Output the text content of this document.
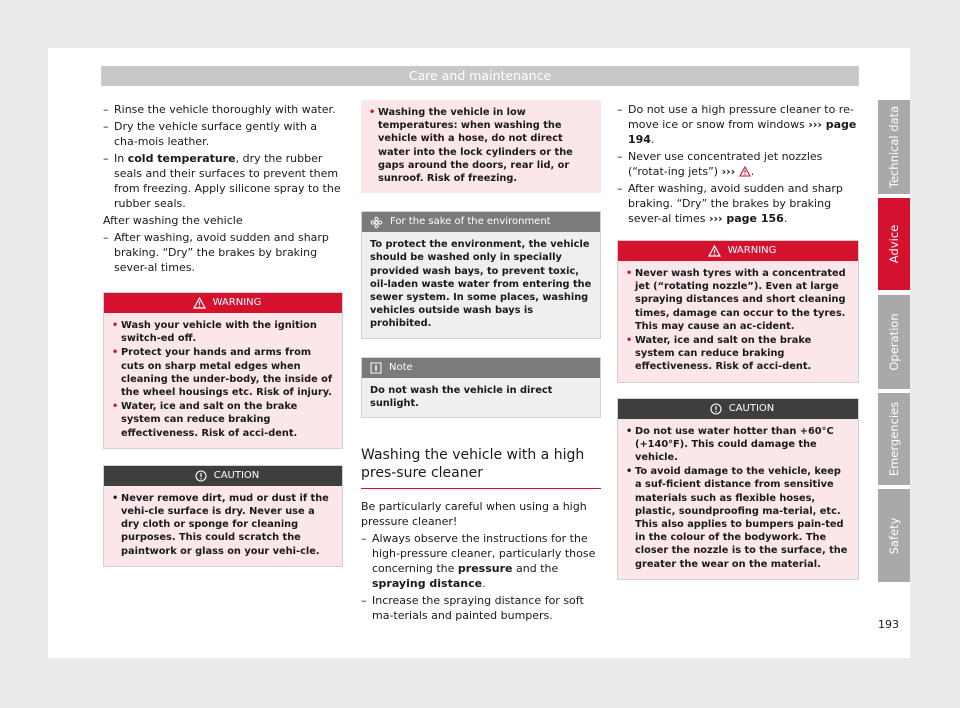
Care and maintenance
– Rinse the vehicle thoroughly with water.
– Dry the vehicle surface gently with a cha-mois leather.
– In cold temperature, dry the rubber seals and their surfaces to prevent them from freezing. Apply silicone spray to the rubber seals.
After washing the vehicle
– After washing, avoid sudden and sharp braking. “Dry” the brakes by braking sever-al times.
WARNING
• Wash your vehicle with the ignition switch-ed off.
• Protect your hands and arms from cuts on sharp metal edges when cleaning the under-body, the inside of the wheel housings etc. Risk of injury.
• Water, ice and salt on the brake system can reduce braking effectiveness. Risk of acci-dent.
CAUTION
• Never remove dirt, mud or dust if the vehi-cle surface is dry. Never use a dry cloth or sponge for cleaning purposes. This could scratch the paintwork or glass on your vehi-cle.
• Washing the vehicle in low temperatures: when washing the vehicle with a hose, do not direct water into the lock cylinders or the gaps around the doors, rear lid, or sunroof. Risk of freezing.
For the sake of the environment
To protect the environment, the vehicle should be washed only in specially provided wash bays, to prevent toxic, oil-laden waste water from entering the sewer system. In some places, washing vehicles outside wash bays is prohibited.
Note
Do not wash the vehicle in direct sunlight.
Washing the vehicle with a high pres-sure cleaner
Be particularly careful when using a high pressure cleaner!
– Always observe the instructions for the high-pressure cleaner, particularly those concerning the pressure and the spraying distance.
– Increase the spraying distance for soft ma-terials and painted bumpers.
– Do not use a high pressure cleaner to re-move ice or snow from windows ››› page 194.
– Never use concentrated jet nozzles (“rotat-ing jets”) ››› .
– After washing, avoid sudden and sharp braking. “Dry” the brakes by braking sever-al times ››› page 156.
WARNING
• Never wash tyres with a concentrated jet (“rotating nozzle”). Even at large spraying distances and short cleaning times, damage can occur to the tyres. This may cause an ac-cident.
• Water, ice and salt on the brake system can reduce braking effectiveness. Risk of acci-dent.
CAUTION
• Do not use water hotter than +60°C (+140°F). This could damage the vehicle.
• To avoid damage to the vehicle, keep a suf-ficient distance from sensitive materials such as flexible hoses, plastic, soundproofing ma-terial, etc. This also applies to bumpers pain-ted in the colour of the bodywork. The closer the nozzle is to the surface, the greater the wear on the material.
Technical data
Advice
Operation
Emergencies
Safety
193
